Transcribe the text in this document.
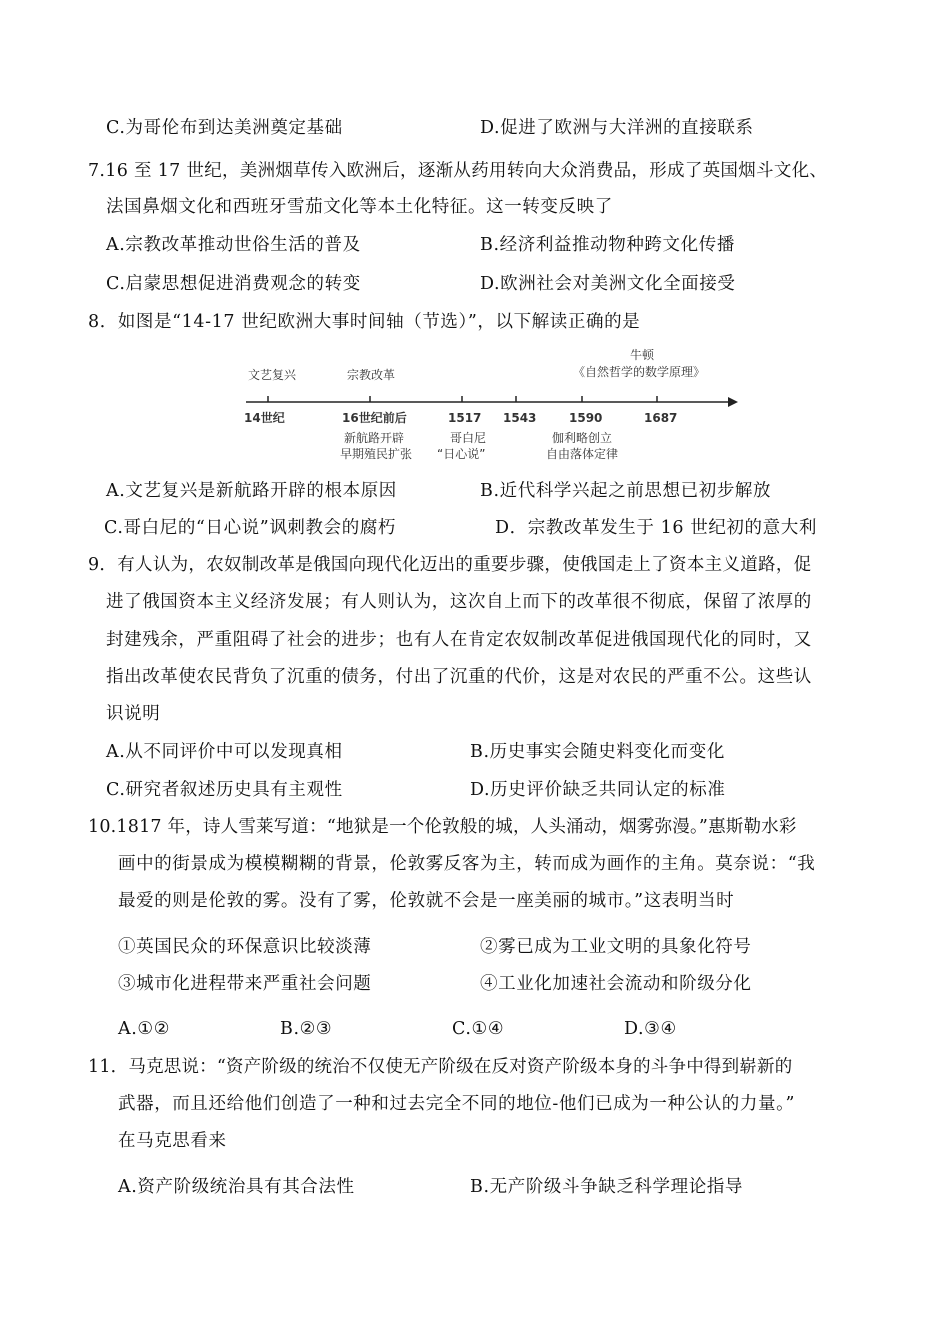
C.为哥伦布到达美洲奠定基础	D.促进了欧洲与大洋洲的直接联系
7.16 至 17 世纪，美洲烟草传入欧洲后，逐渐从药用转向大众消费品，形成了英国烟斗文化、
法国鼻烟文化和西班牙雪茄文化等本土化特征。这一转变反映了
A.宗教改革推动世俗生活的普及	B.经济利益推动物种跨文化传播
C.启蒙思想促进消费观念的转变	D.欧洲社会对美洲文化全面接受
8．如图是“14-17 世纪欧洲大事时间轴（节选）”，以下解读正确的是
文艺复兴	宗教改革
牛顿
《自然哲学的数学原理》
14世纪	16世纪前后	1517 1543	1590	1687
新航路开辟
早期殖民扩张
哥白尼
“日心说”
伽利略创立
自由落体定律
A.文艺复兴是新航路开辟的根本原因	B.近代科学兴起之前思想已初步解放
C.哥白尼的“日心说”讽刺教会的腐朽	D．宗教改革发生于 16 世纪初的意大利
9．有人认为，农奴制改革是俄国向现代化迈出的重要步骤，使俄国走上了资本主义道路，促
进了俄国资本主义经济发展；有人则认为，这次自上而下的改革很不彻底，保留了浓厚的
封建残余，严重阻碍了社会的进步；也有人在肯定农奴制改革促进俄国现代化的同时，又
指出改革使农民背负了沉重的债务，付出了沉重的代价，这是对农民的严重不公。这些认
识说明
A.从不同评价中可以发现真相	B.历史事实会随史料变化而变化
C.研究者叙述历史具有主观性	D.历史评价缺乏共同认定的标准
10.1817 年，诗人雪莱写道：“地狱是一个伦敦般的城，人头涌动，烟雾弥漫。”惠斯勒水彩
画中的街景成为模模糊糊的背景，伦敦雾反客为主，转而成为画作的主角。莫奈说：“我
最爱的则是伦敦的雾。没有了雾，伦敦就不会是一座美丽的城市。”这表明当时
①英国民众的环保意识比较淡薄	②雾已成为工业文明的具象化符号
③城市化进程带来严重社会问题	④工业化加速社会流动和阶级分化
A.①②	B.②③	C.①④	D.③④
11．马克思说：“资产阶级的统治不仅使无产阶级在反对资产阶级本身的斗争中得到崭新的
武器，而且还给他们创造了一种和过去完全不同的地位-他们已成为一种公认的力量。”
在马克思看来
A.资产阶级统治具有其合法性	B.无产阶级斗争缺乏科学理论指导
